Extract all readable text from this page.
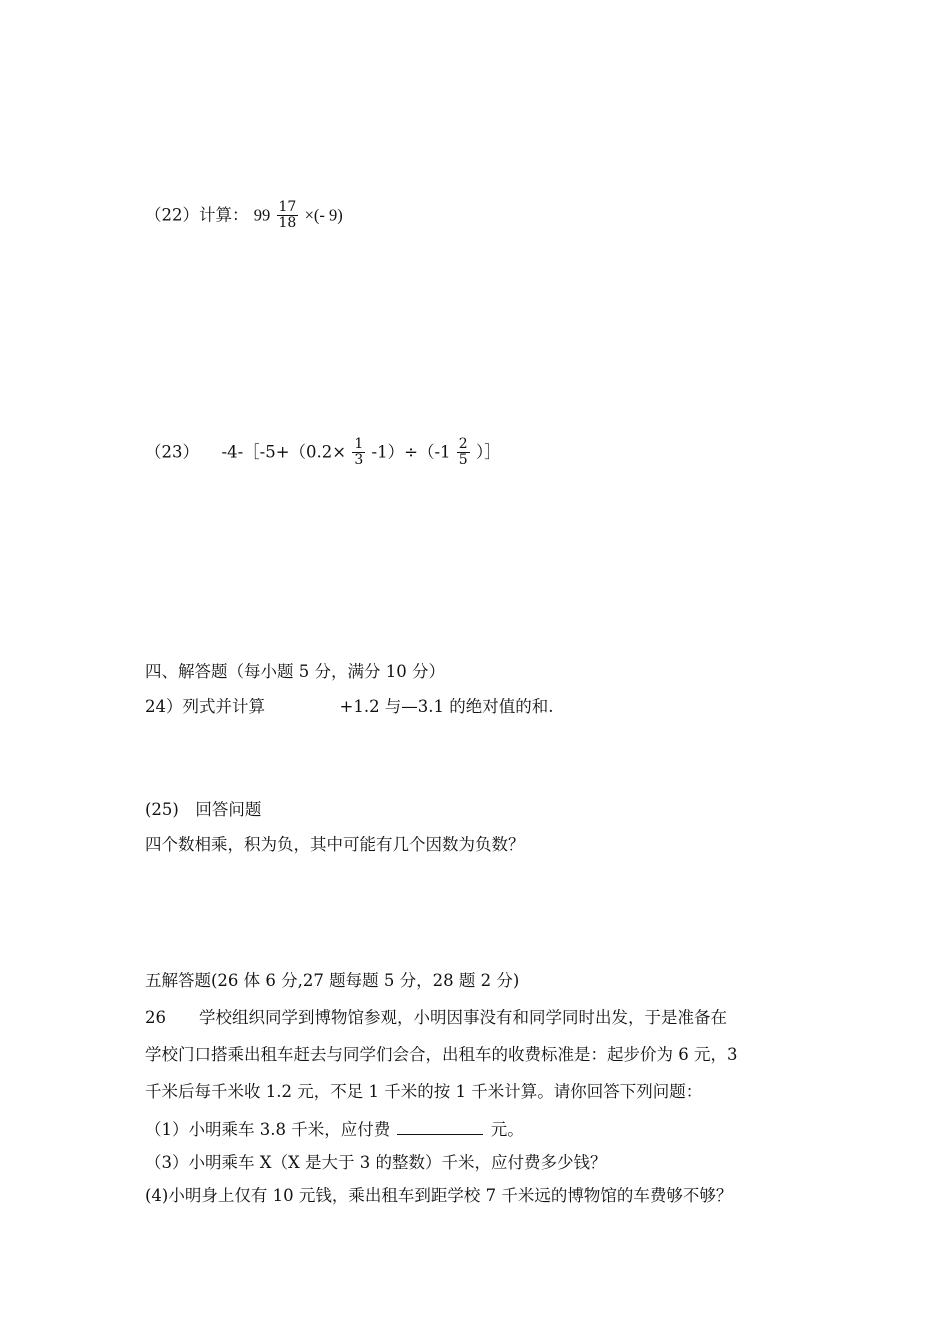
（22）计算： $99 \frac{17}{18}$ ×(- 9)
（23） -4-［-5+（0.2× $\frac{1}{3} -1)\div(-1 \frac{2}{5}$ ）］
四、解答题（每小题 5 分，满分 10 分）
24）列式并计算	+1.2 与—3.1 的绝对值的和.
(25)　回答问题
四个数相乘，积为负，其中可能有几个因数为负数？
五解答题(26 体 6 分,27 题每题 5 分，28 题 2 分)
26　　学校组织同学到博物馆参观，小明因事没有和同学同时出发，于是准备在
学校门口搭乘出租车赶去与同学们会合，出租车的收费标准是：起步价为 6 元，3
千米后每千米收 1.2 元，不足 1 千米的按 1 千米计算。请你回答下列问题：
（1）小明乘车 3.8 千米，应付费	元。
（3）小明乘车 X（X 是大于 3 的整数）千米，应付费多少钱？
(4)小明身上仅有 10 元钱，乘出租车到距学校 7 千米远的博物馆的车费够不够？
